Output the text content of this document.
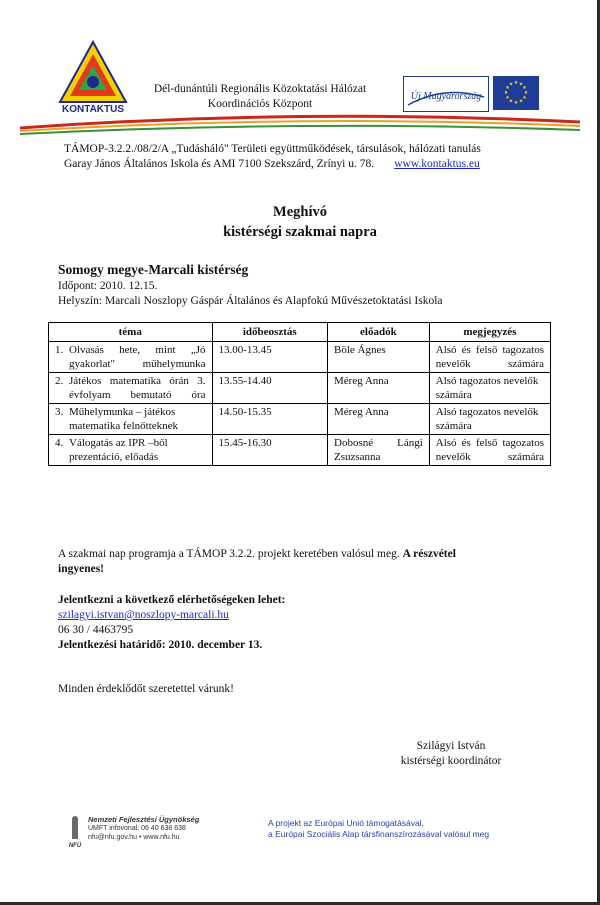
KONTAKTUS
Dél-dunántúli Regionális Közoktatási Hálózat
Koordinációs Központ
Új Magyarország
★ ★
★
★
★
★
★
★
★
★
★
★
TÁMOP-3.2.2./08/2/A „Tudásháló" Területi együttműködések, társulások, hálózati tanulás
Garay János Általános Iskola és AMI 7100 Szekszárd, Zrínyi u. 78. www.kontaktus.eu
Meghívó
kistérségi szakmai napra
Somogy megye-Marcali kistérség
Időpont: 2010. 12.15.
Helyszín: Marcali Noszlopy Gáspár Általános és Alapfokú Művészetoktatási Iskola
téma	időbeosztás	előadók	megjegyzés

1. Olvasás hete, mint „Jó gyakorlat" műhelymunka	13.00-13.45	Böle Ágnes	Alsó és felső tagozatos nevelők számára

2. Játékos matematika órán 3. évfolyam bemutató óra	13.55-14.40	Méreg Anna	Alsó tagozatos nevelők számára

3. Műhelymunka – játékos matematika felnőtteknek	14.50-15.35	Méreg Anna	Alsó tagozatos nevelők számára

4. Válogatás az IPR –ből prezentáció, előadás	15.45-16.30	Dobosné Lángi Zsuzsanna	Alsó és felső tagozatos nevelők számára
A szakmai nap programja a TÁMOP 3.2.2. projekt keretében valósul meg. A részvétel
ingyenes!
Jelentkezni a következő elérhetőségeken lehet:
szilagyi.istvan@noszlopy-marcali.hu
06 30 / 4463795
Jelentkezési határidő: 2010. december 13.
Minden érdeklődőt szeretettel várunk!
Szilágyi István
kistérségi koordinátor
NFÜ
Nemzeti Fejlesztési Ügynökség
ÚMFT infovonal: 06 40 638 638
nfu@nfu.gov.hu • www.nfu.hu
A projekt az Európai Unió támogatásával,
a Európai Szociális Alap társfinanszírozásával valósul meg
